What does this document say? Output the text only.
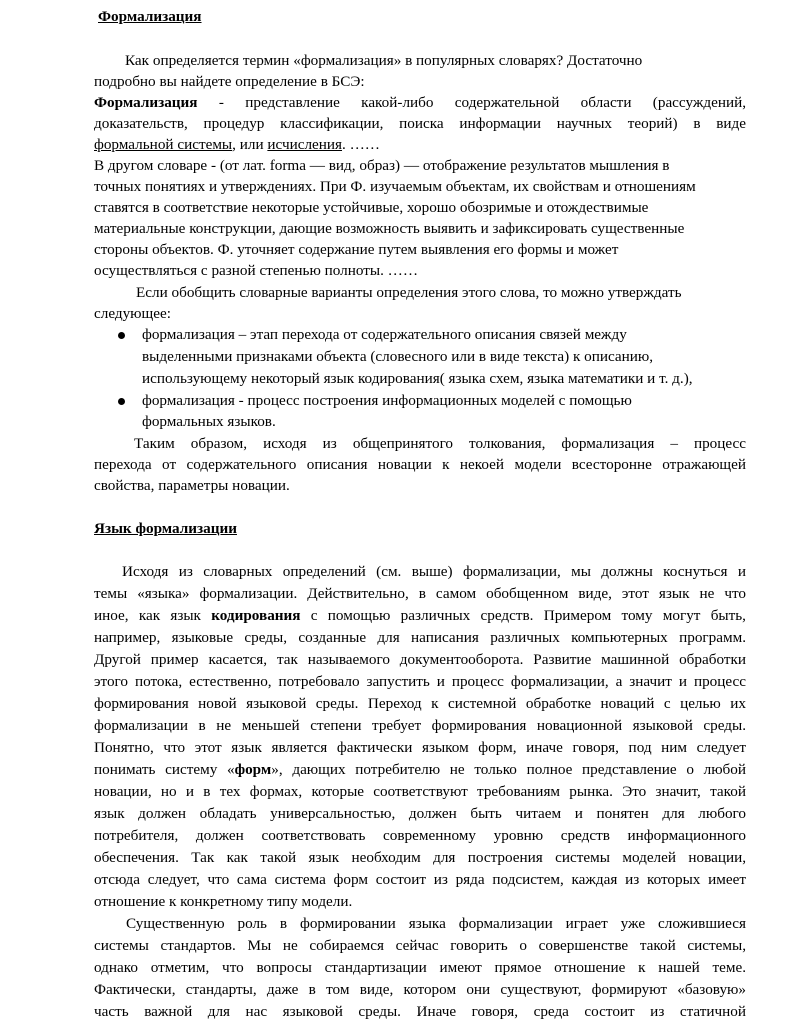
Формализация
Как определяется термин «формализация» в популярных словарях? Достаточно
подробно вы найдете определение в БСЭ:
Формализация - представление какой-либо содержательной области (рассуждений,
доказательств, процедур классификации, поиска информации научных теорий) в виде
формальной системы, или исчисления. ……
В другом словаре - (от лат. forma — вид, образ) — отображение результатов мышления в
точных понятиях и утверждениях. При Ф. изучаемым объектам, их свойствам и отношениям
ставятся в соответствие некоторые устойчивые, хорошо обозримые и отождествимые
материальные конструкции, дающие возможность выявить и зафиксировать существенные
стороны объектов. Ф. уточняет содержание путем выявления его формы и может
осуществляться с разной степенью полноты. ……
Если обобщить словарные варианты определения этого слова, то можно утверждать
следующее:
формализация – этап перехода от содержательного описания связей между
выделенными признаками объекта (словесного или в виде текста) к описанию,
использующему некоторый язык кодирования( языка схем, языка математики и т. д.),
формализация - процесс построения информационных моделей с помощью
формальных языков.
Таким образом, исходя из общепринятого толкования, формализация – процесс
перехода от содержательного описания новации к некоей модели всесторонне отражающей
свойства, параметры новации.
Язык формализации
Исходя из словарных определений (см. выше) формализации, мы должны коснуться и
темы «языка» формализации. Действительно, в самом обобщенном виде, этот язык не что
иное, как язык кодирования с помощью различных средств. Примером тому могут быть,
например, языковые среды, созданные для написания различных компьютерных программ.
Другой пример касается, так называемого документооборота. Развитие машинной обработки
этого потока, естественно, потребовало запустить и процесс формализации, а значит и процесс
формирования новой языковой среды. Переход к системной обработке новаций с целью их
формализации в не меньшей степени требует формирования новационной языковой среды.
Понятно, что этот язык является фактически языком форм, иначе говоря, под ним следует
понимать систему «форм», дающих потребителю не только полное представление о любой
новации, но и в тех формах, которые соответствуют требованиям рынка. Это значит, такой
язык должен обладать универсальностью, должен быть читаем и понятен для любого
потребителя, должен соответствовать современному уровню средств информационного
обеспечения. Так как такой язык необходим для построения системы моделей новации,
отсюда следует, что сама система форм состоит из ряда подсистем, каждая из которых имеет
отношение к конкретному типу модели.
Существенную роль в формировании языка формализации играет уже сложившиеся
системы стандартов. Мы не собираемся сейчас говорить о совершенстве такой системы,
однако отметим, что вопросы стандартизации имеют прямое отношение к нашей теме.
Фактически, стандарты, даже в том виде, котором они существуют, формируют «базовую»
часть важной для нас языковой среды. Иначе говоря, среда состоит из статичной
